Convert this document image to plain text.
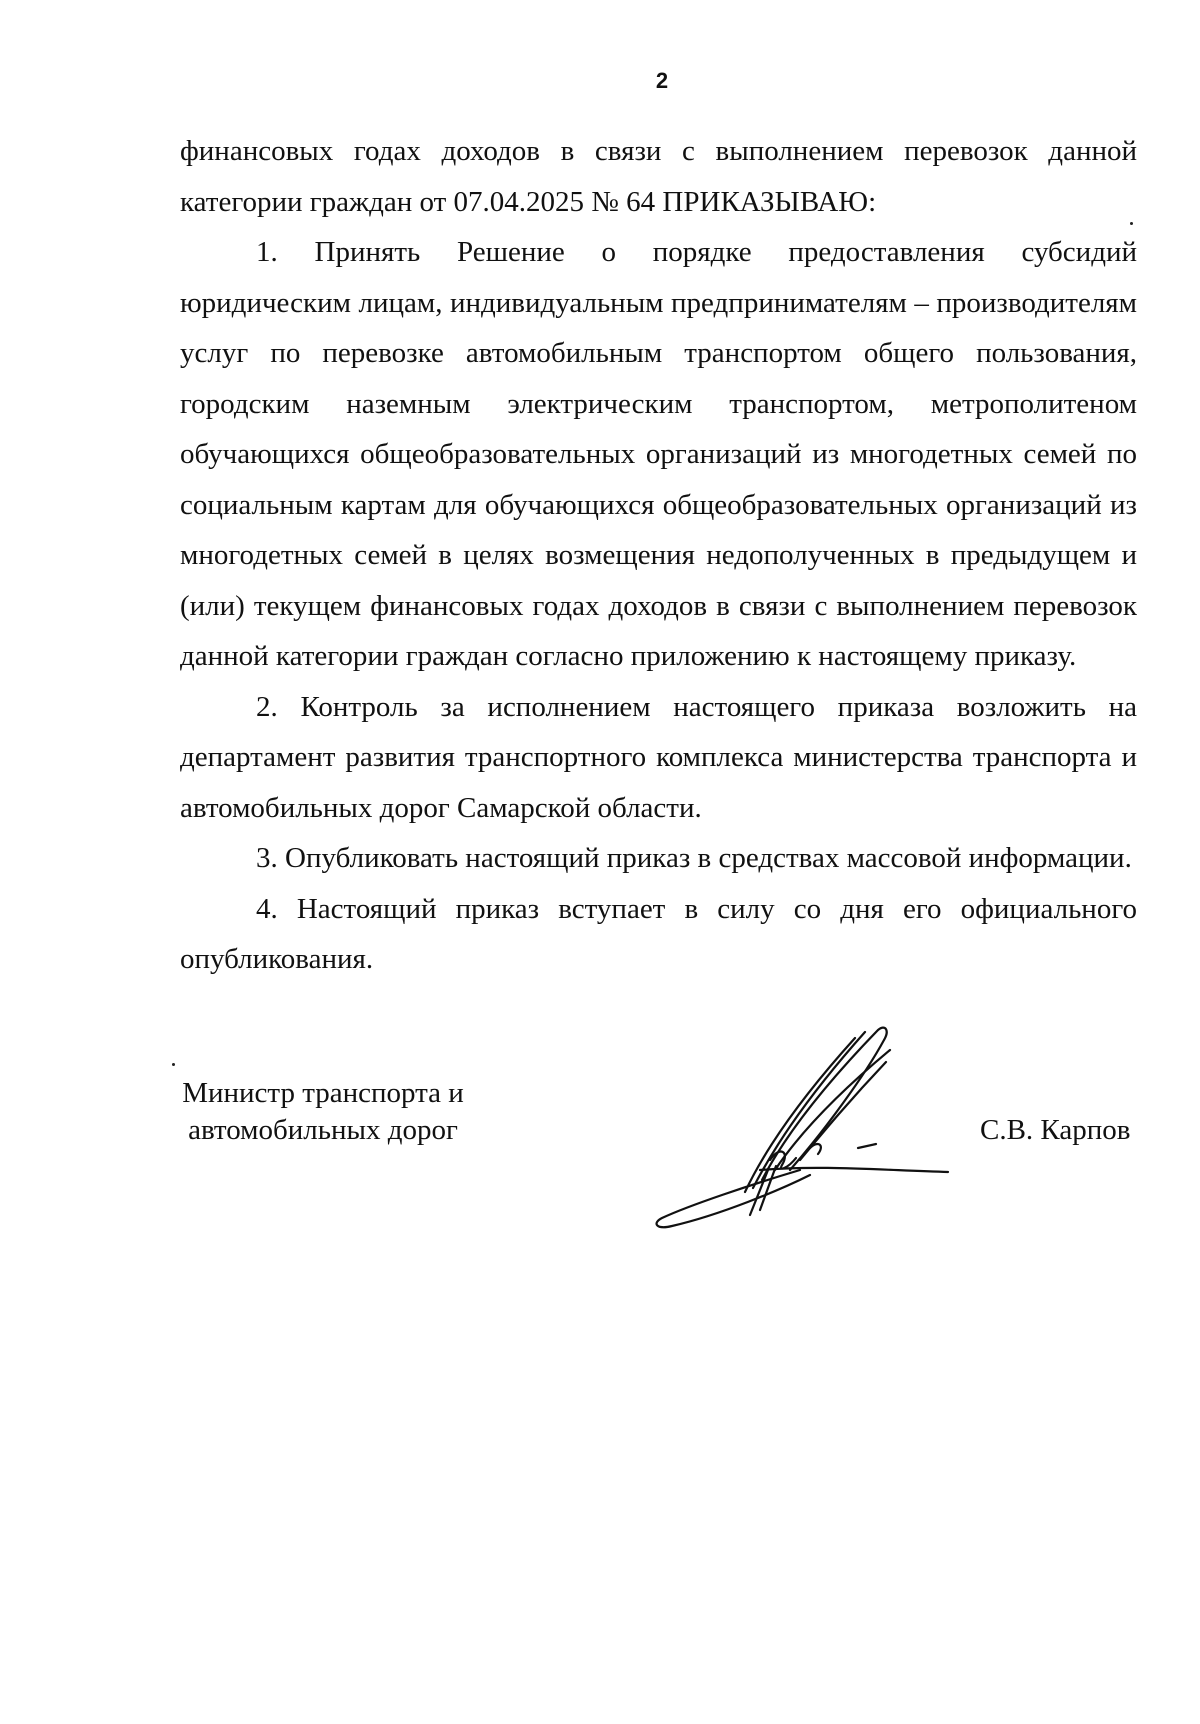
2

финансовых годах доходов в связи с выполнением перевозок данной категории граждан от 07.04.2025 № 64 ПРИКАЗЫВАЮ:

1. Принять Решение о порядке предоставления субсидий юридическим лицам, индивидуальным предпринимателям – производителям услуг по перевозке автомобильным транспортом общего пользования, городским наземным электрическим транспортом, метрополитеном обучающихся общеобразовательных организаций из многодетных семей по социальным картам для обучающихся общеобразовательных организаций из многодетных семей в целях возмещения недополученных в предыдущем и (или) текущем финансовых годах доходов в связи с выполнением перевозок данной категории граждан согласно приложению к настоящему приказу.

2. Контроль за исполнением настоящего приказа возложить на департамент развития транспортного комплекса министерства транспорта и автомобильных дорог Самарской области.

3. Опубликовать настоящий приказ в средствах массовой информации.

4. Настоящий приказ вступает в силу со дня его официального опубликования.

Министр транспорта и
автомобильных дорог	С.В. Карпов
